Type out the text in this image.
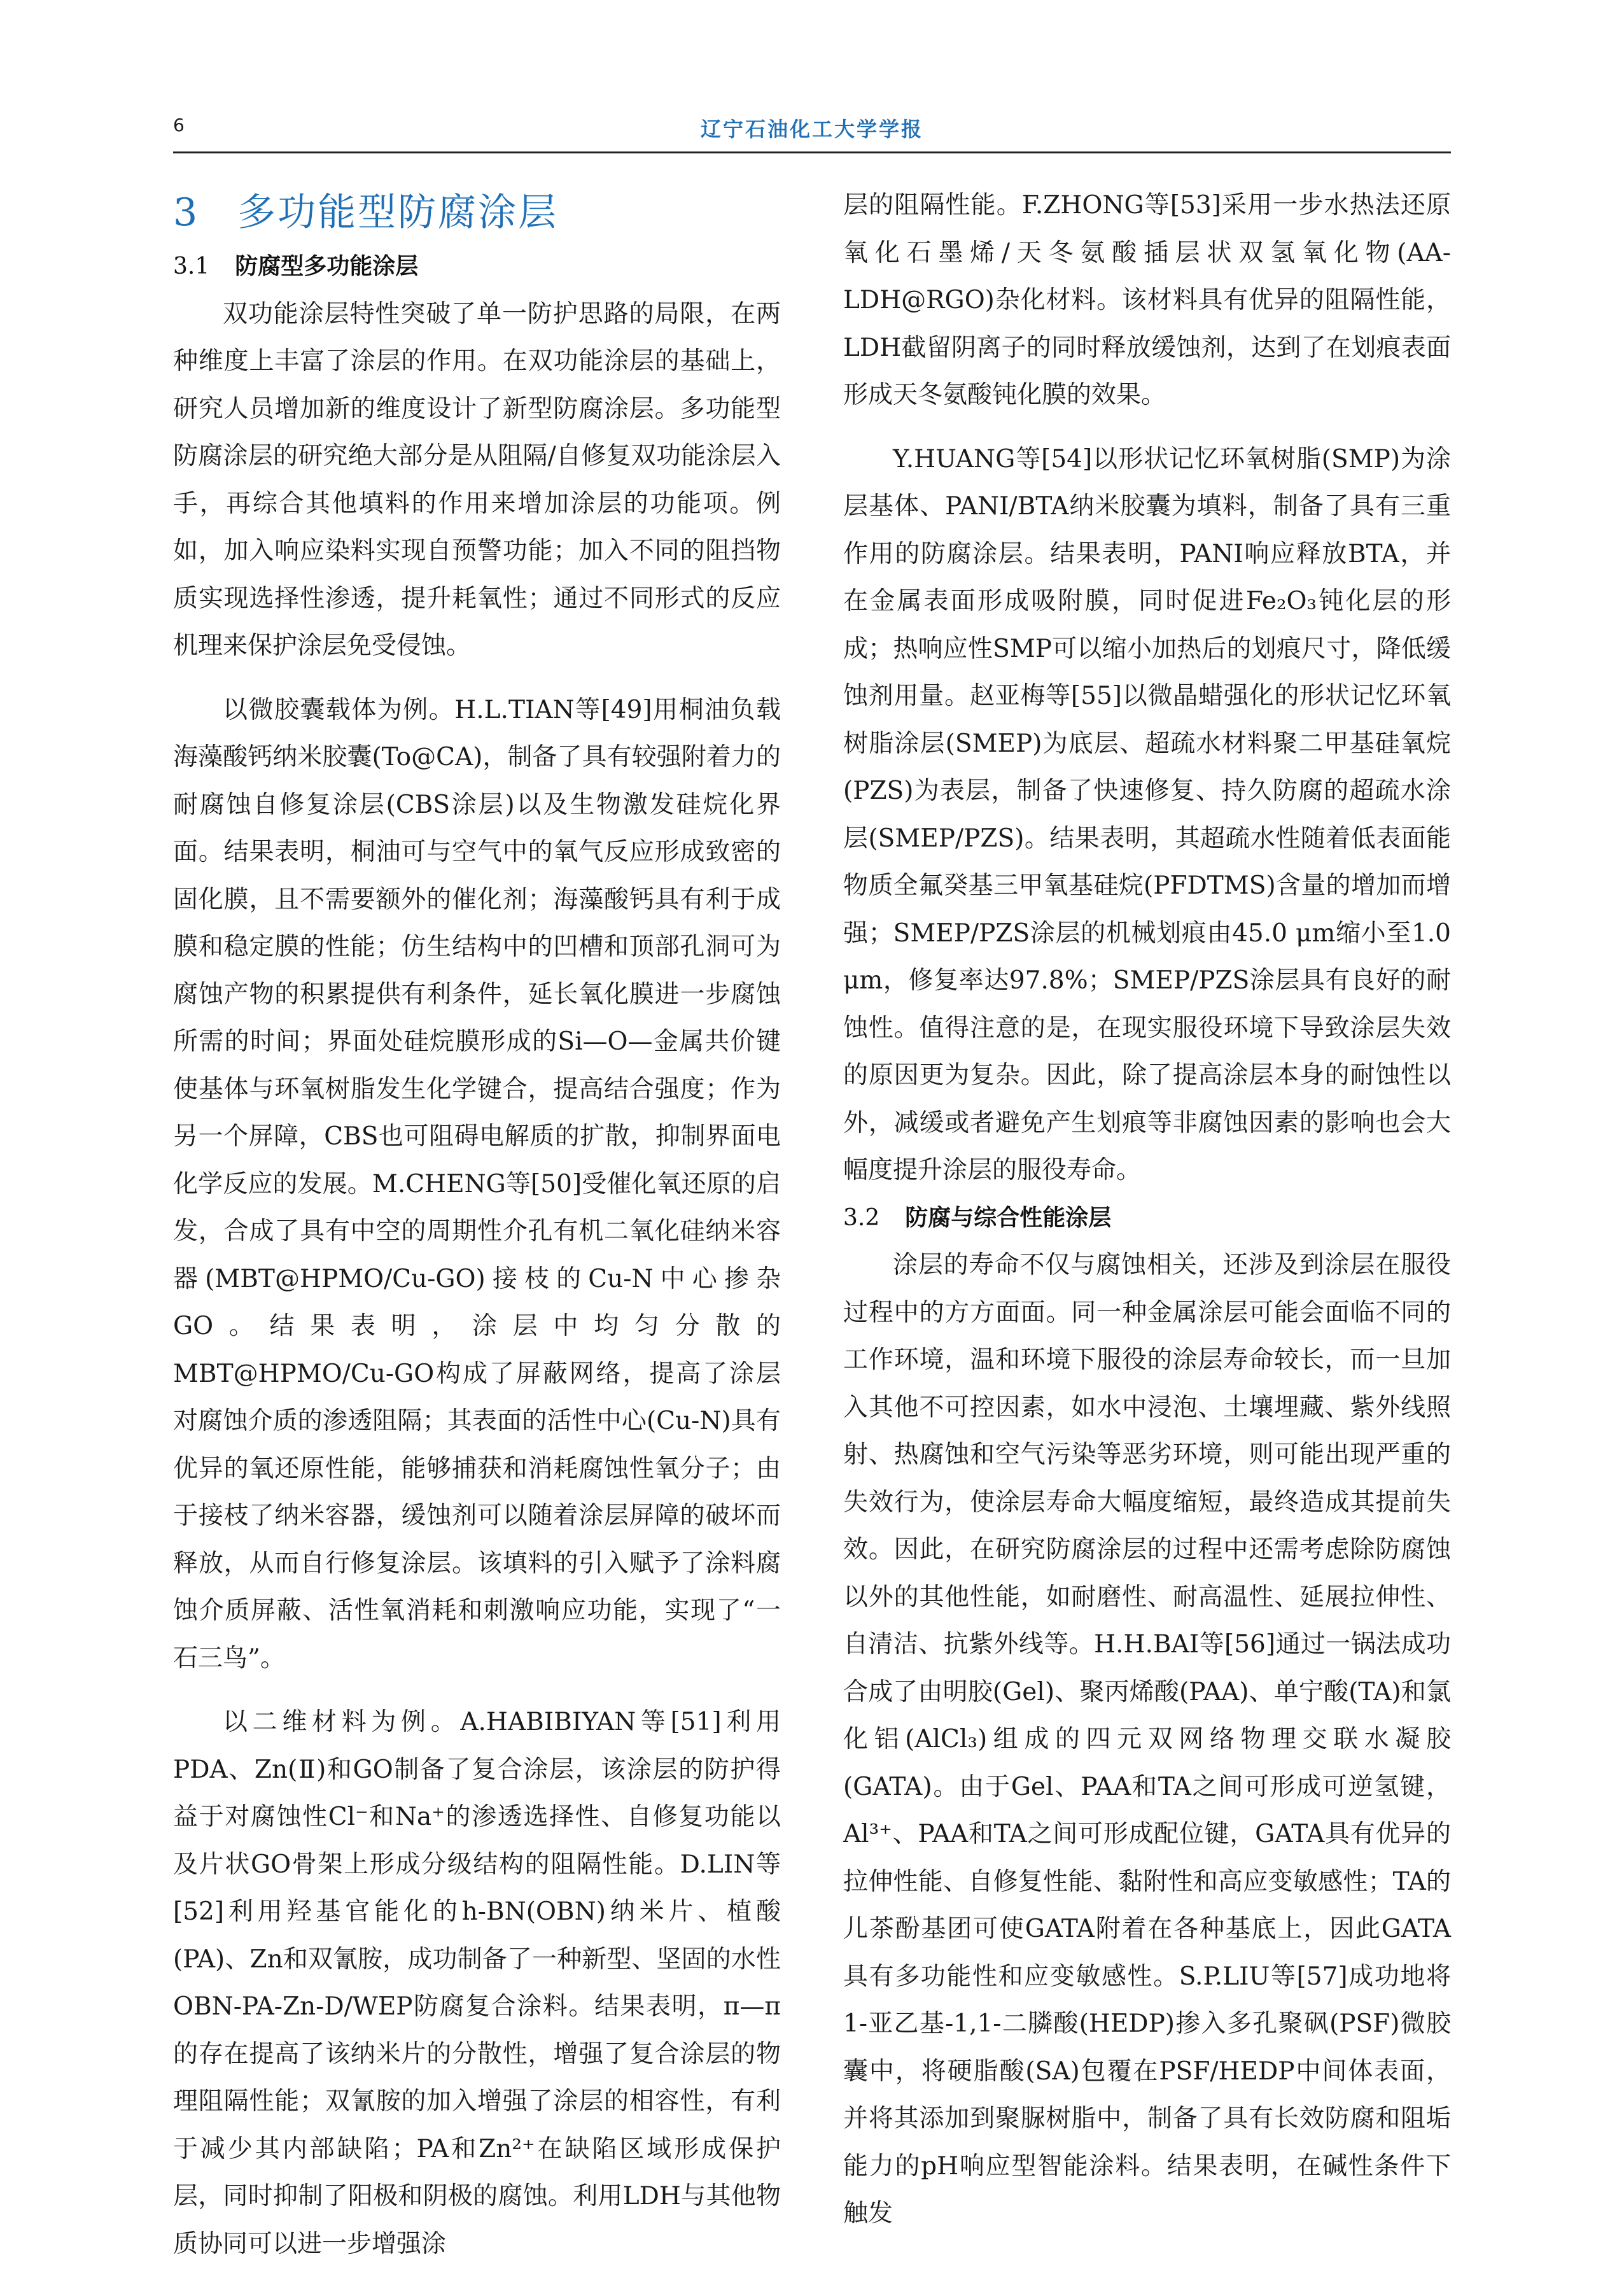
6	辽宁石油化工大学学报
3 多功能型防腐涂层
3.1 防腐型多功能涂层

双功能涂层特性突破了单一防护思路的局限，在两种维度上丰富了涂层的作用。在双功能涂层的基础上，研究人员增加新的维度设计了新型防腐涂层。多功能型防腐涂层的研究绝大部分是从阻隔/自修复双功能涂层入手，再综合其他填料的作用来增加涂层的功能项。例如，加入响应染料实现自预警功能；加入不同的阻挡物质实现选择性渗透，提升耗氧性；通过不同形式的反应机理来保护涂层免受侵蚀。

以微胶囊载体为例。H.L.TIAN等[49]用桐油负载海藻酸钙纳米胶囊(To@CA)，制备了具有较强附着力的耐腐蚀自修复涂层(CBS涂层)以及生物激发硅烷化界面。结果表明，桐油可与空气中的氧气反应形成致密的固化膜，且不需要额外的催化剂；海藻酸钙具有利于成膜和稳定膜的性能；仿生结构中的凹槽和顶部孔洞可为腐蚀产物的积累提供有利条件，延长氧化膜进一步腐蚀所需的时间；界面处硅烷膜形成的Si—O—金属共价键使基体与环氧树脂发生化学键合，提高结合强度；作为另一个屏障，CBS也可阻碍电解质的扩散，抑制界面电化学反应的发展。M.CHENG等[50]受催化氧还原的启发，合成了具有中空的周期性介孔有机二氧化硅纳米容器(MBT@HPMO/Cu-GO)接枝的Cu-N中心掺杂GO。结果表明，涂层中均匀分散的MBT@HPMO/Cu-GO构成了屏蔽网络，提高了涂层对腐蚀介质的渗透阻隔；其表面的活性中心(Cu-N)具有优异的氧还原性能，能够捕获和消耗腐蚀性氧分子；由于接枝了纳米容器，缓蚀剂可以随着涂层屏障的破坏而释放，从而自行修复涂层。该填料的引入赋予了涂料腐蚀介质屏蔽、活性氧消耗和刺激响应功能，实现了“一石三鸟”。

以二维材料为例。A.HABIBIYAN等[51]利用PDA、Zn(Ⅱ)和GO制备了复合涂层，该涂层的防护得益于对腐蚀性Cl⁻和Na⁺的渗透选择性、自修复功能以及片状GO骨架上形成分级结构的阻隔性能。D.LIN等[52]利用羟基官能化的h-BN(OBN)纳米片、植酸(PA)、Zn和双氰胺，成功制备了一种新型、坚固的水性OBN-PA-Zn-D/WEP防腐复合涂料。结果表明，π—π的存在提高了该纳米片的分散性，增强了复合涂层的物理阻隔性能；双氰胺的加入增强了涂层的相容性，有利于减少其内部缺陷；PA和Zn²⁺在缺陷区域形成保护层，同时抑制了阳极和阴极的腐蚀。利用LDH与其他物质协同可以进一步增强涂

层的阻隔性能。F.ZHONG等[53]采用一步水热法还原氧化石墨烯/天冬氨酸插层状双氢氧化物(AA-LDH@RGO)杂化材料。该材料具有优异的阻隔性能，LDH截留阴离子的同时释放缓蚀剂，达到了在划痕表面形成天冬氨酸钝化膜的效果。

Y.HUANG等[54]以形状记忆环氧树脂(SMP)为涂层基体、PANI/BTA纳米胶囊为填料，制备了具有三重作用的防腐涂层。结果表明，PANI响应释放BTA，并在金属表面形成吸附膜，同时促进Fe₂O₃钝化层的形成；热响应性SMP可以缩小加热后的划痕尺寸，降低缓蚀剂用量。赵亚梅等[55]以微晶蜡强化的形状记忆环氧树脂涂层(SMEP)为底层、超疏水材料聚二甲基硅氧烷(PZS)为表层，制备了快速修复、持久防腐的超疏水涂层(SMEP/PZS)。结果表明，其超疏水性随着低表面能物质全氟癸基三甲氧基硅烷(PFDTMS)含量的增加而增强；SMEP/PZS涂层的机械划痕由45.0 μm缩小至1.0 μm，修复率达97.8%；SMEP/PZS涂层具有良好的耐蚀性。值得注意的是，在现实服役环境下导致涂层失效的原因更为复杂。因此，除了提高涂层本身的耐蚀性以外，减缓或者避免产生划痕等非腐蚀因素的影响也会大幅度提升涂层的服役寿命。

3.2 防腐与综合性能涂层

涂层的寿命不仅与腐蚀相关，还涉及到涂层在服役过程中的方方面面。同一种金属涂层可能会面临不同的工作环境，温和环境下服役的涂层寿命较长，而一旦加入其他不可控因素，如水中浸泡、土壤埋藏、紫外线照射、热腐蚀和空气污染等恶劣环境，则可能出现严重的失效行为，使涂层寿命大幅度缩短，最终造成其提前失效。因此，在研究防腐涂层的过程中还需考虑除防腐蚀以外的其他性能，如耐磨性、耐高温性、延展拉伸性、自清洁、抗紫外线等。H.H.BAI等[56]通过一锅法成功合成了由明胶(Gel)、聚丙烯酸(PAA)、单宁酸(TA)和氯化铝(AlCl₃)组成的四元双网络物理交联水凝胶(GATA)。由于Gel、PAA和TA之间可形成可逆氢键，Al³⁺、PAA和TA之间可形成配位键，GATA具有优异的拉伸性能、自修复性能、黏附性和高应变敏感性；TA的儿茶酚基团可使GATA附着在各种基底上，因此GATA具有多功能性和应变敏感性。S.P.LIU等[57]成功地将1-亚乙基-1,1-二膦酸(HEDP)掺入多孔聚砜(PSF)微胶囊中，将硬脂酸(SA)包覆在PSF/HEDP中间体表面，并将其添加到聚脲树脂中，制备了具有长效防腐和阻垢能力的pH响应型智能涂料。结果表明，在碱性条件下触发
